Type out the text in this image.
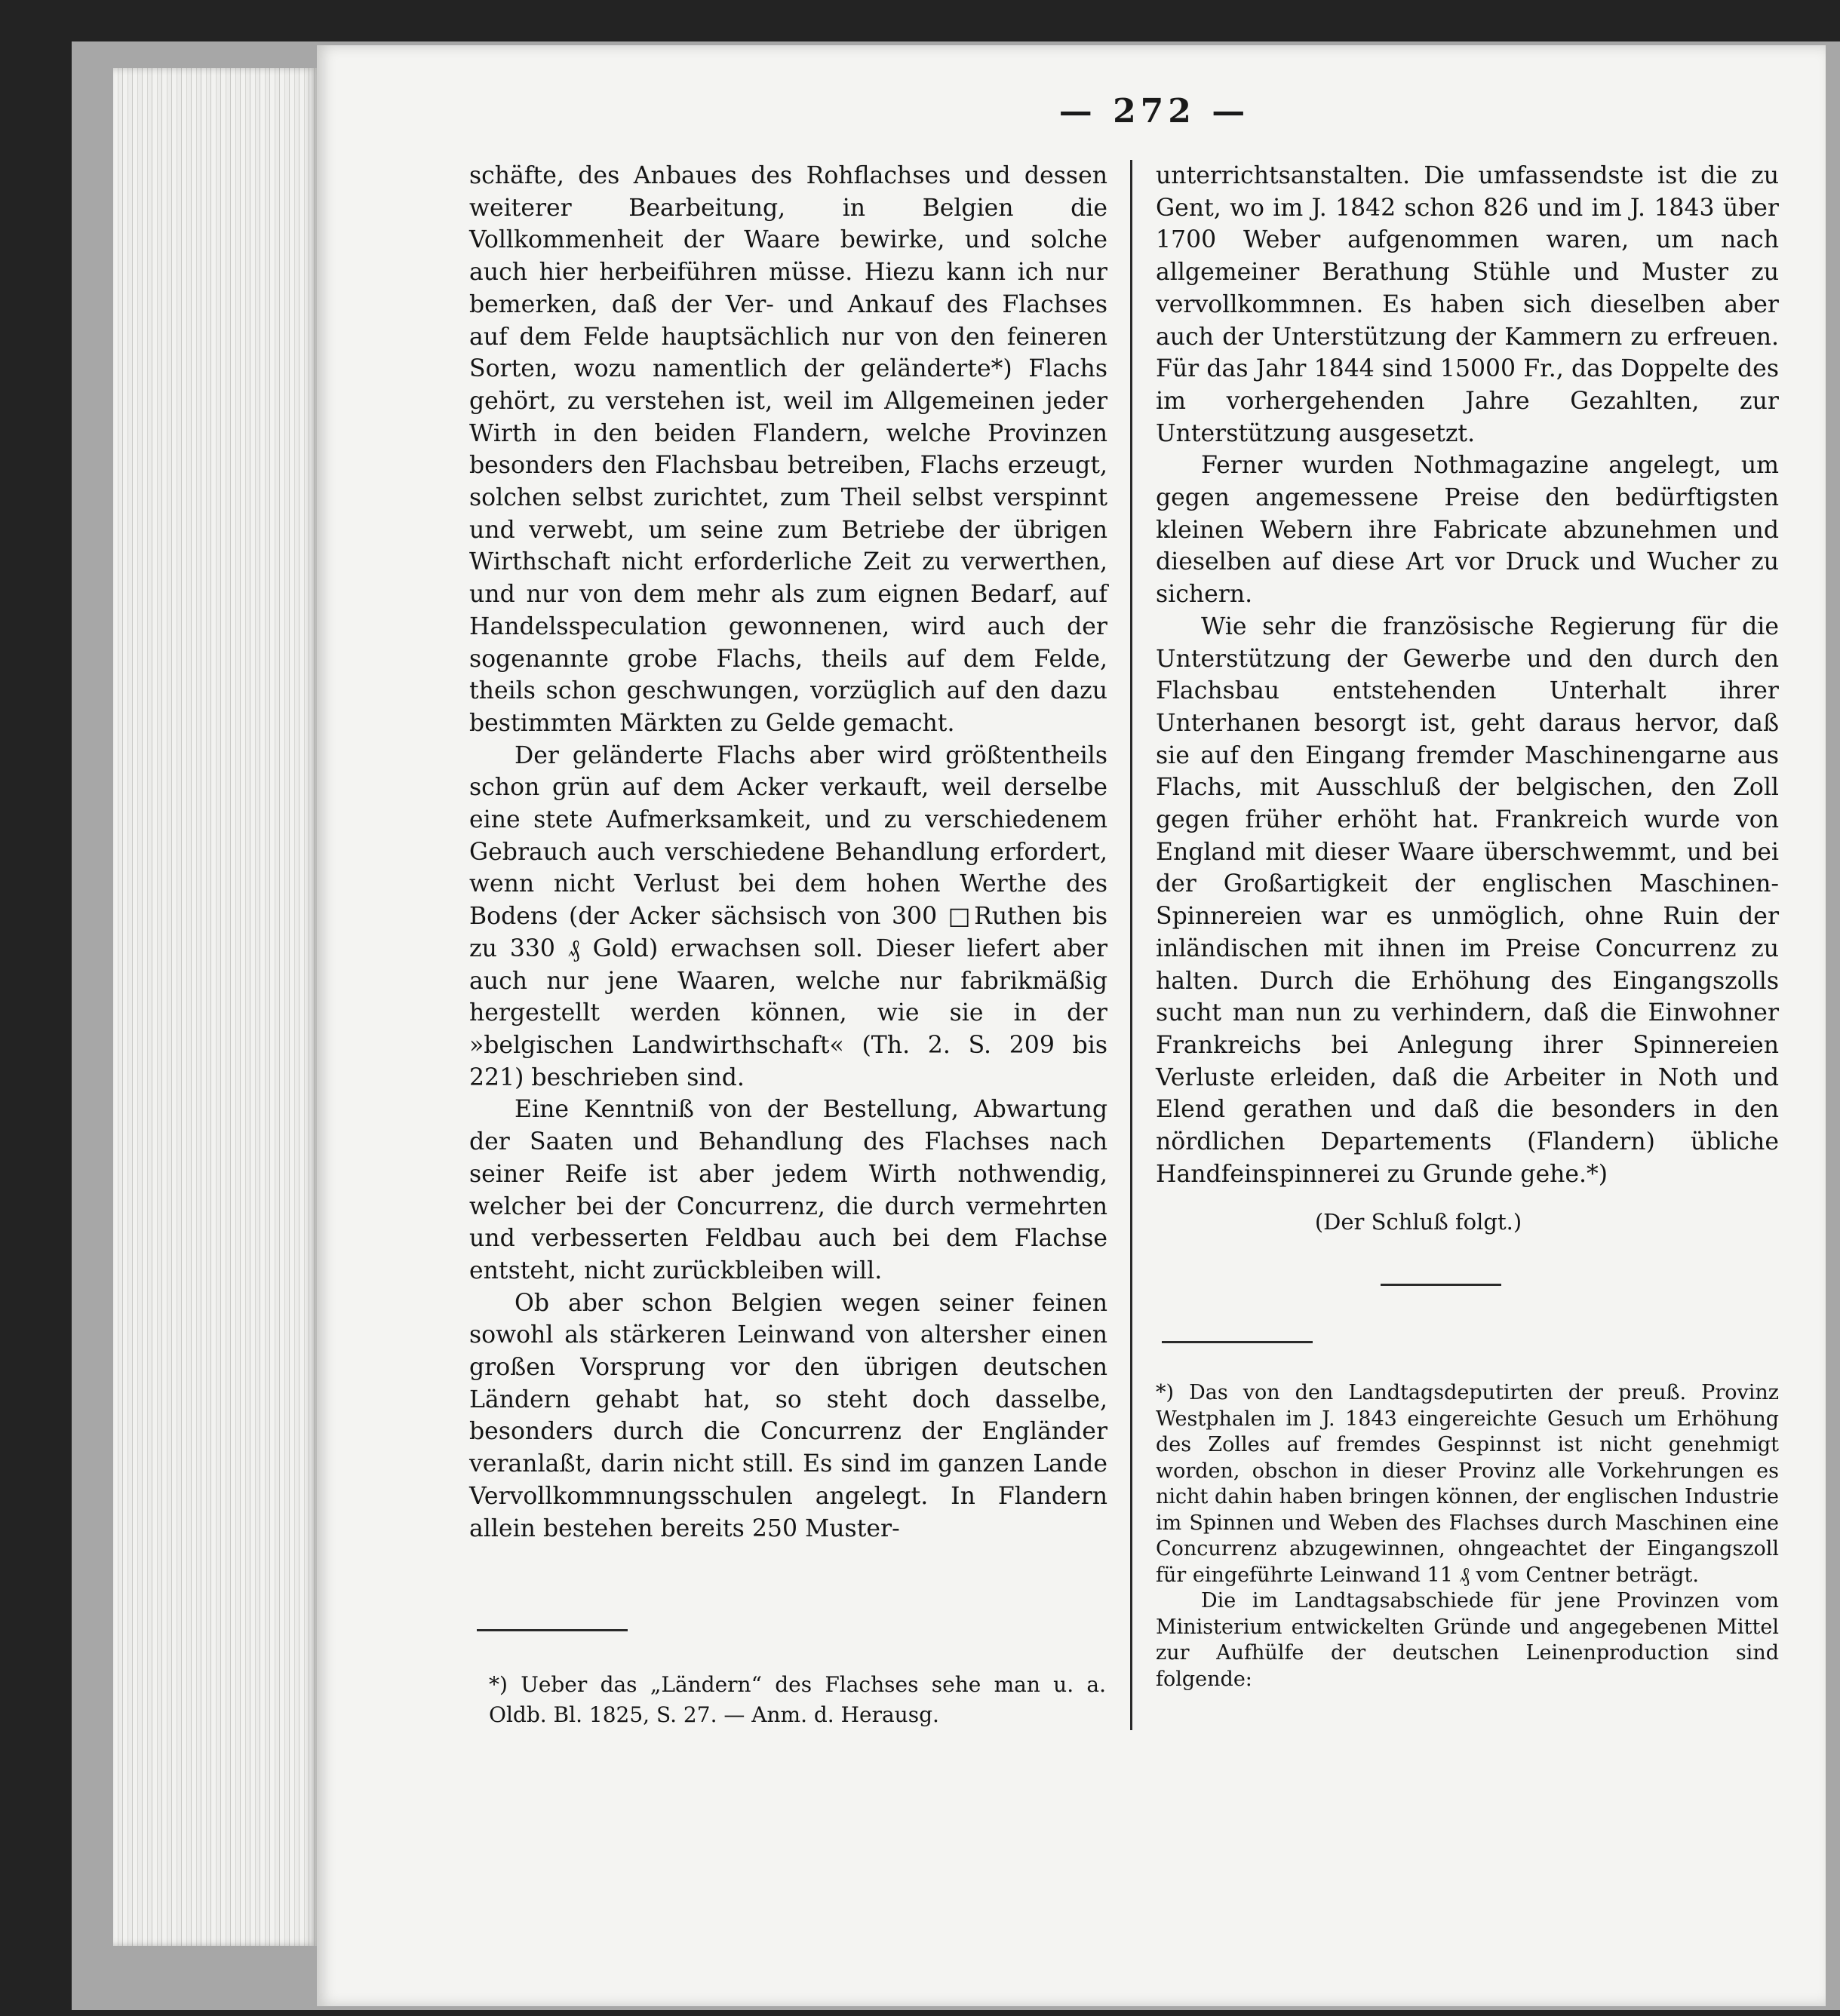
— 272 —

schäfte, des Anbaues des Rohflachses und dessen weiterer Bearbeitung, in Belgien die Vollkommenheit der Waare bewirke, und solche auch hier herbeiführen müsse. Hiezu kann ich nur bemerken, daß der Ver- und Ankauf des Flachses auf dem Felde hauptsächlich nur von den feineren Sorten, wozu namentlich der geländerte*) Flachs gehört, zu verstehen ist, weil im Allgemeinen jeder Wirth in den beiden Flandern, welche Provinzen besonders den Flachsbau betreiben, Flachs erzeugt, solchen selbst zurichtet, zum Theil selbst verspinnt und verwebt, um seine zum Betriebe der übrigen Wirthschaft nicht erforderliche Zeit zu verwerthen, und nur von dem mehr als zum eignen Bedarf, auf Handelsspeculation gewonnenen, wird auch der sogenannte grobe Flachs, theils auf dem Felde, theils schon geschwungen, vorzüglich auf den dazu bestimmten Märkten zu Gelde gemacht.

Der geländerte Flachs aber wird größtentheils schon grün auf dem Acker verkauft, weil derselbe eine stete Aufmerksamkeit, und zu verschiedenem Gebrauch auch verschiedene Behandlung erfordert, wenn nicht Verlust bei dem hohen Werthe des Bodens (der Acker sächsisch von 300 □Ruthen bis zu 330 ₰ Gold) erwachsen soll. Dieser liefert aber auch nur jene Waaren, welche nur fabrikmäßig hergestellt werden können, wie sie in der »belgischen Landwirthschaft« (Th. 2. S. 209 bis 221) beschrieben sind.

Eine Kenntniß von der Bestellung, Abwartung der Saaten und Behandlung des Flachses nach seiner Reife ist aber jedem Wirth nothwendig, welcher bei der Concurrenz, die durch vermehrten und verbesserten Feldbau auch bei dem Flachse entsteht, nicht zurückbleiben will.

Ob aber schon Belgien wegen seiner feinen sowohl als stärkeren Leinwand von altersher einen großen Vorsprung vor den übrigen deutschen Ländern gehabt hat, so steht doch dasselbe, besonders durch die Concurrenz der Engländer veranlaßt, darin nicht still. Es sind im ganzen Lande Vervollkommnungsschulen angelegt. In Flandern allein bestehen bereits 250 Muster-

*) Ueber das „Ländern“ des Flachses sehe man u. a. Oldb. Bl. 1825, S. 27. — Anm. d. Herausg.

unterrichtsanstalten. Die umfassendste ist die zu Gent, wo im J. 1842 schon 826 und im J. 1843 über 1700 Weber aufgenommen waren, um nach allgemeiner Berathung Stühle und Muster zu vervollkommnen. Es haben sich dieselben aber auch der Unterstützung der Kammern zu erfreuen. Für das Jahr 1844 sind 15000 Fr., das Doppelte des im vorhergehenden Jahre Gezahlten, zur Unterstützung ausgesetzt.

Ferner wurden Nothmagazine angelegt, um gegen angemessene Preise den bedürftigsten kleinen Webern ihre Fabricate abzunehmen und dieselben auf diese Art vor Druck und Wucher zu sichern.

Wie sehr die französische Regierung für die Unterstützung der Gewerbe und den durch den Flachsbau entstehenden Unterhalt ihrer Unterhanen besorgt ist, geht daraus hervor, daß sie auf den Eingang fremder Maschinengarne aus Flachs, mit Ausschluß der belgischen, den Zoll gegen früher erhöht hat. Frankreich wurde von England mit dieser Waare überschwemmt, und bei der Großartigkeit der englischen Maschinen-Spinnereien war es unmöglich, ohne Ruin der inländischen mit ihnen im Preise Concurrenz zu halten. Durch die Erhöhung des Eingangszolls sucht man nun zu verhindern, daß die Einwohner Frankreichs bei Anlegung ihrer Spinnereien Verluste erleiden, daß die Arbeiter in Noth und Elend gerathen und daß die besonders in den nördlichen Departements (Flandern) übliche Handfeinspinnerei zu Grunde gehe.*)

(Der Schluß folgt.)

*) Das von den Landtagsdeputirten der preuß. Provinz Westphalen im J. 1843 eingereichte Gesuch um Erhöhung des Zolles auf fremdes Gespinnst ist nicht genehmigt worden, obschon in dieser Provinz alle Vorkehrungen es nicht dahin haben bringen können, der englischen Industrie im Spinnen und Weben des Flachses durch Maschinen eine Concurrenz abzugewinnen, ohngeachtet der Eingangszoll für eingeführte Leinwand 11 ₰ vom Centner beträgt.

Die im Landtagsabschiede für jene Provinzen vom Ministerium entwickelten Gründe und angegebenen Mittel zur Aufhülfe der deutschen Leinenproduction sind folgende:
